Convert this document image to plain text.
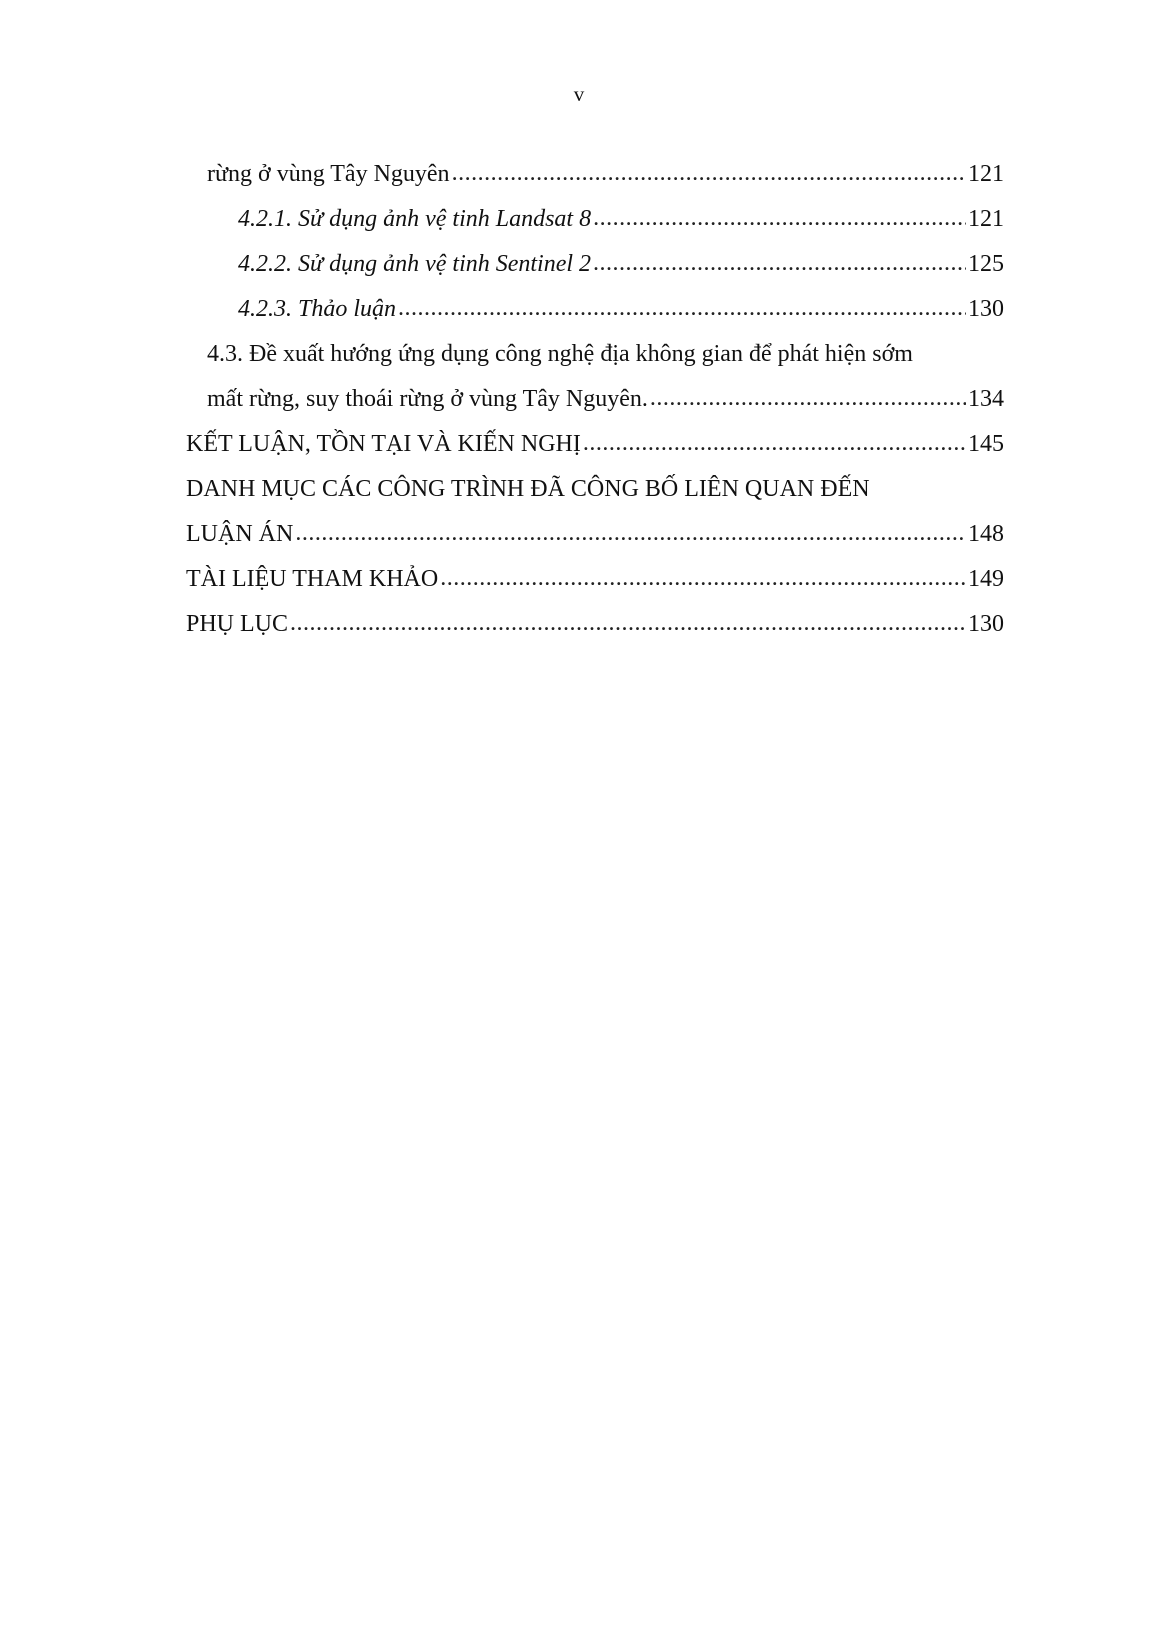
v
rừng ở vùng Tây Nguyên .....	121
4.2.1. Sử dụng ảnh vệ tinh Landsat 8 .....	121
4.2.2. Sử dụng ảnh vệ tinh Sentinel 2 .....	125
4.2.3. Thảo luận .....	130
4.3. Đề xuất hướng ứng dụng công nghệ địa không gian để phát hiện sớm
mất rừng, suy thoái rừng ở vùng Tây Nguyên. .....	134
KẾT LUẬN, TỒN TẠI VÀ KIẾN NGHỊ .....	145
DANH MỤC CÁC CÔNG TRÌNH ĐÃ CÔNG BỐ LIÊN QUAN ĐẾN
LUẬN ÁN .....	148
TÀI LIỆU THAM KHẢO .....	149
PHỤ LỤC .....	130
